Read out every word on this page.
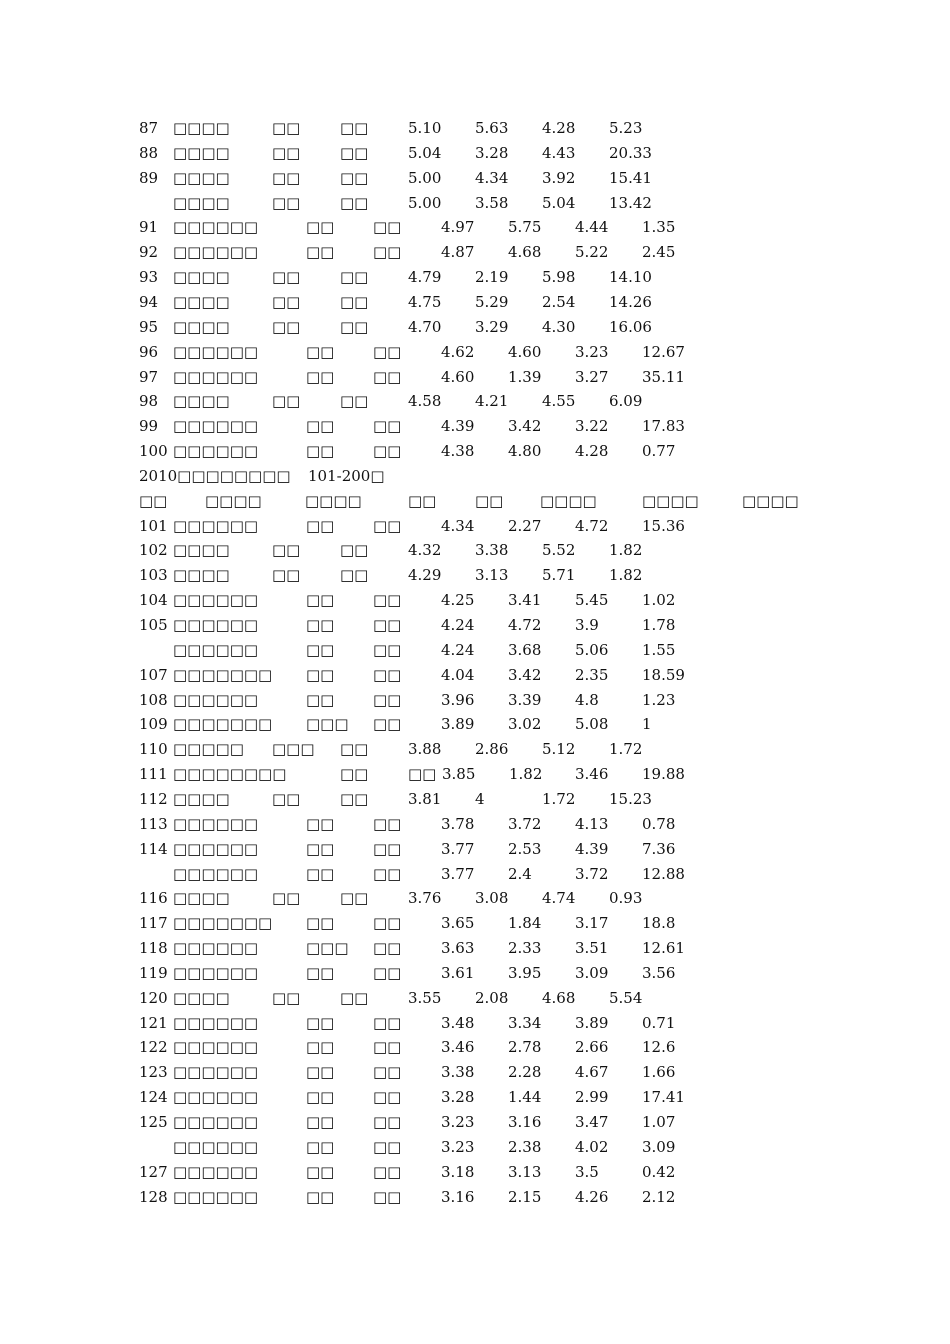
87 □□□□	□□	□□	5.10 5.63 4.28 5.23
88 □□□□	□□	□□	5.04 3.28 4.43 20.33
89 □□□□	□□	□□	5.00 4.34 3.92 15.41
□□□□	□□	□□	5.00 3.58 5.04 13.42
91 □□□□□□	□□	□□	4.97 5.75 4.44 1.35
92 □□□□□□	□□	□□	4.87 4.68 5.22 2.45
93 □□□□	□□	□□	4.79 2.19 5.98 14.10
94 □□□□	□□	□□	4.75 5.29 2.54 14.26
95 □□□□	□□	□□	4.70 3.29 4.30 16.06
96 □□□□□□	□□	□□	4.62 4.60 3.23 12.67
97 □□□□□□	□□	□□	4.60 1.39 3.27 35.11
98 □□□□	□□	□□	4.58 4.21 4.55 6.09
99 □□□□□□	□□	□□	4.39 3.42 3.22 17.83
100 □□□□□□	□□	□□	4.38 4.80 4.28 0.77
2010□□□□□□□□ 101-200□
□□	□□□□	□□□□	□□	□□ □□□□	□□□□	□□□□
101 □□□□□□	□□	□□	4.34 2.27 4.72 15.36
102 □□□□	□□	□□	4.32 3.38 5.52 1.82
103 □□□□	□□	□□	4.29 3.13 5.71 1.82
104 □□□□□□	□□	□□	4.25 3.41 5.45 1.02
105 □□□□□□	□□	□□	4.24 4.72 3.9	1.78
□□□□□□	□□	□□	4.24 3.68 5.06 1.55
107 □□□□□□□ □□	□□	4.04 3.42 2.35 18.59
108 □□□□□□	□□	□□	3.96 3.39 4.8	1.23
109 □□□□□□□ □□□ □□	3.89 3.02 5.08 1
110 □□□□□ □□□ □□	3.88 2.86 5.12 1.72
111 □□□□□□□□	□□	□□ 3.85 1.82 3.46 19.88
112 □□□□	□□	□□	3.81 4	1.72 15.23
113 □□□□□□	□□	□□	3.78 3.72 4.13 0.78
114 □□□□□□	□□	□□	3.77 2.53 4.39 7.36
□□□□□□	□□	□□	3.77 2.4	3.72 12.88
116 □□□□	□□	□□	3.76 3.08 4.74 0.93
117 □□□□□□□ □□	□□	3.65 1.84 3.17 18.8
118 □□□□□□	□□□ □□	3.63 2.33 3.51 12.61
119 □□□□□□	□□	□□	3.61 3.95 3.09 3.56
120 □□□□	□□	□□	3.55 2.08 4.68 5.54
121 □□□□□□	□□	□□	3.48 3.34 3.89 0.71
122 □□□□□□	□□	□□	3.46 2.78 2.66 12.6
123 □□□□□□	□□	□□	3.38 2.28 4.67 1.66
124 □□□□□□	□□	□□	3.28 1.44 2.99 17.41
125 □□□□□□	□□	□□	3.23 3.16 3.47 1.07
□□□□□□	□□	□□	3.23 2.38 4.02 3.09
127 □□□□□□	□□	□□	3.18 3.13 3.5	0.42
128 □□□□□□	□□	□□	3.16 2.15 4.26 2.12
